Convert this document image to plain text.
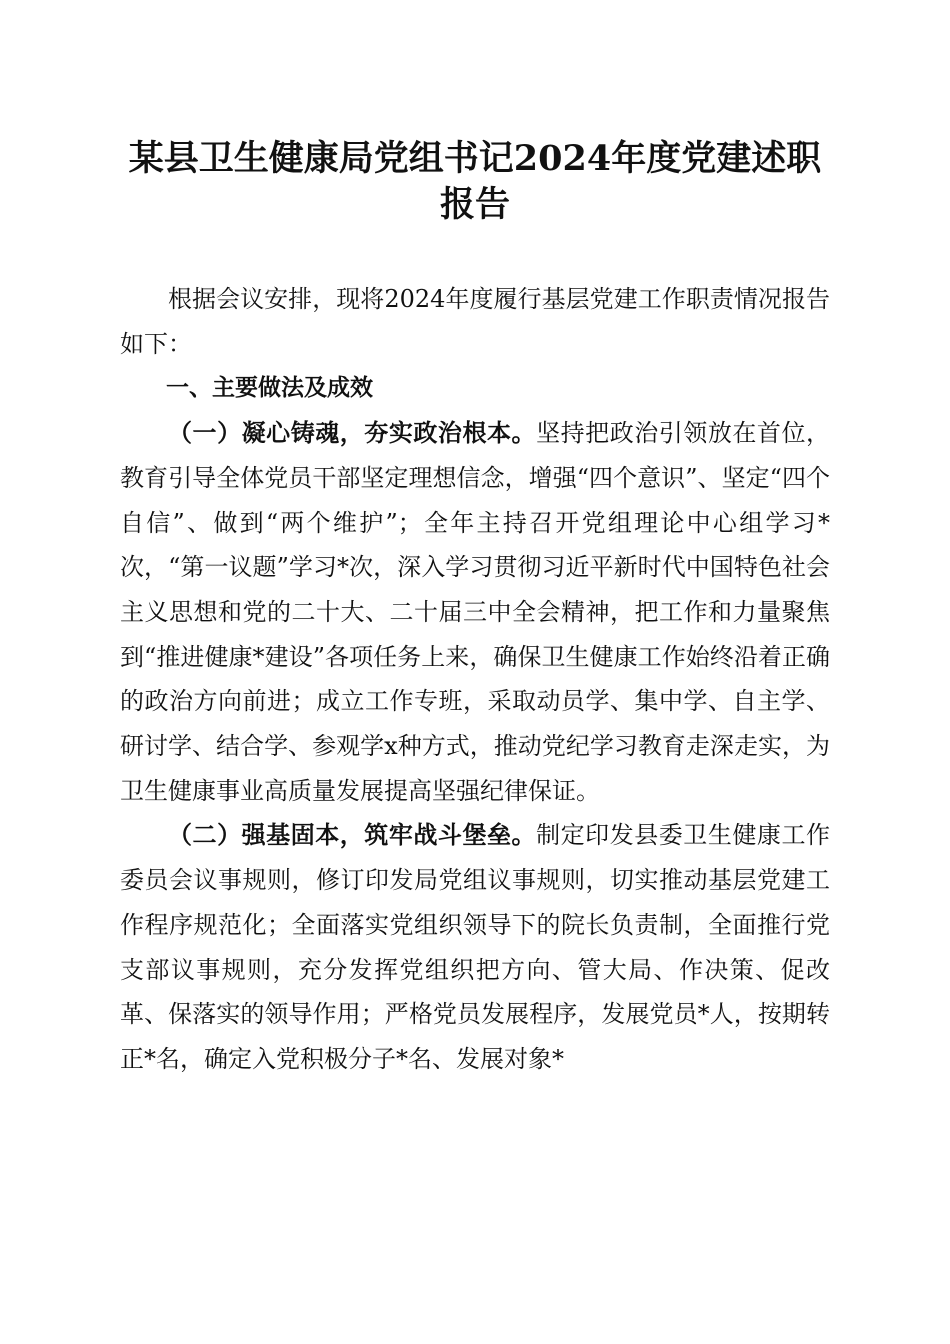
某县卫生健康局党组书记2024年度党建述职
报告

根据会议安排，现将2024年度履行基层党建工作职责情况报告如下：

一、主要做法及成效

（一）凝心铸魂，夯实政治根本。坚持把政治引领放在首位，教育引导全体党员干部坚定理想信念，增强“四个意识”、坚定“四个自信”、做到“两个维护”；全年主持召开党组理论中心组学习*次，“第一议题”学习*次，深入学习贯彻习近平新时代中国特色社会主义思想和党的二十大、二十届三中全会精神，把工作和力量聚焦到“推进健康*建设”各项任务上来，确保卫生健康工作始终沿着正确的政治方向前进；成立工作专班，采取动员学、集中学、自主学、研讨学、结合学、参观学x种方式，推动党纪学习教育走深走实，为卫生健康事业高质量发展提高坚强纪律保证。

（二）强基固本，筑牢战斗堡垒。制定印发县委卫生健康工作委员会议事规则，修订印发局党组议事规则，切实推动基层党建工作程序规范化；全面落实党组织领导下的院长负责制，全面推行党支部议事规则，充分发挥党组织把方向、管大局、作决策、促改革、保落实的领导作用；严格党员发展程序，发展党员*人，按期转正*名，确定入党积极分子*名、发展对象*
